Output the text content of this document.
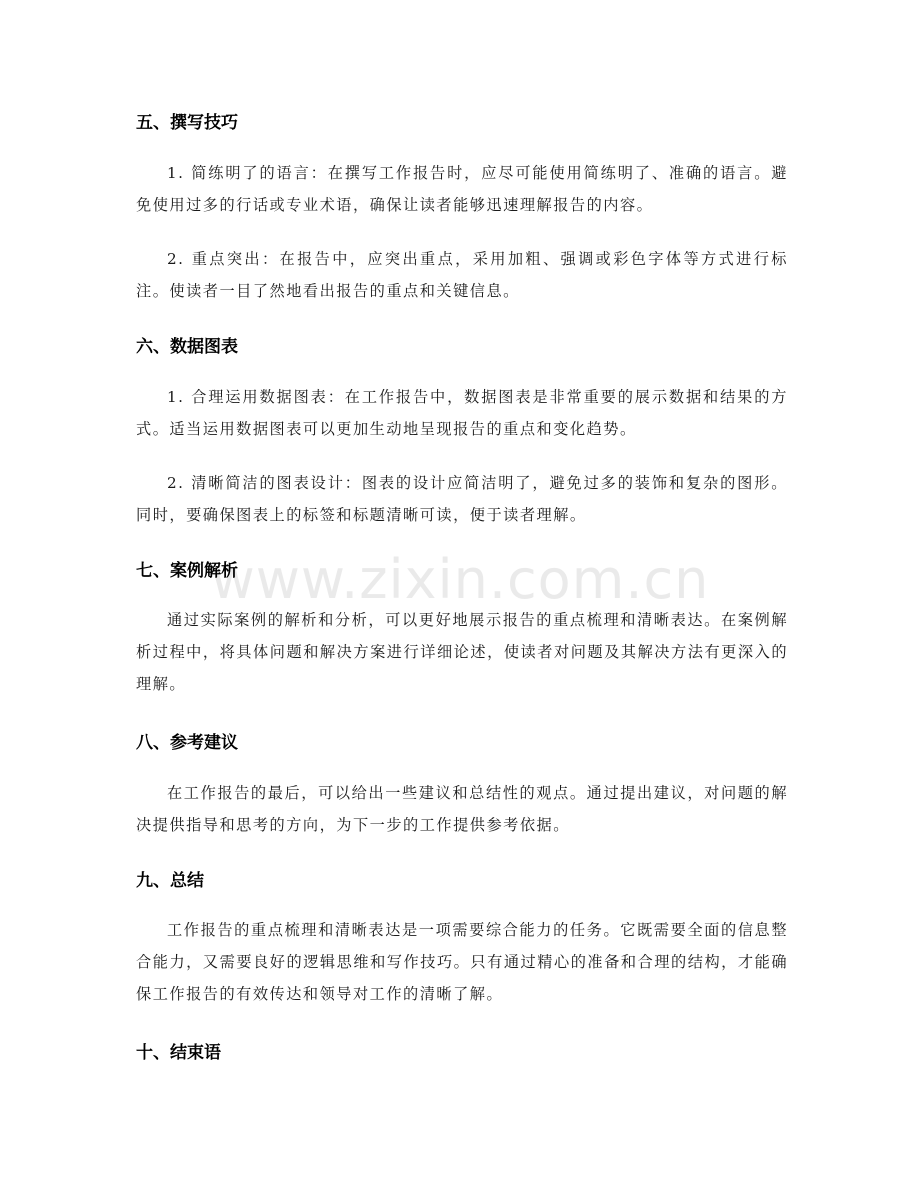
www.zixin.com.cn
五、撰写技巧

1. 简练明了的语言：在撰写工作报告时，应尽可能使用简练明了、准确的语言。避免使用过多的行话或专业术语，确保让读者能够迅速理解报告的内容。

2. 重点突出：在报告中，应突出重点，采用加粗、强调或彩色字体等方式进行标注。使读者一目了然地看出报告的重点和关键信息。

六、数据图表

1. 合理运用数据图表：在工作报告中，数据图表是非常重要的展示数据和结果的方式。适当运用数据图表可以更加生动地呈现报告的重点和变化趋势。

2. 清晰简洁的图表设计：图表的设计应简洁明了，避免过多的装饰和复杂的图形。同时，要确保图表上的标签和标题清晰可读，便于读者理解。

七、案例解析

通过实际案例的解析和分析，可以更好地展示报告的重点梳理和清晰表达。在案例解析过程中，将具体问题和解决方案进行详细论述，使读者对问题及其解决方法有更深入的理解。

八、参考建议

在工作报告的最后，可以给出一些建议和总结性的观点。通过提出建议，对问题的解决提供指导和思考的方向，为下一步的工作提供参考依据。

九、总结

工作报告的重点梳理和清晰表达是一项需要综合能力的任务。它既需要全面的信息整合能力，又需要良好的逻辑思维和写作技巧。只有通过精心的准备和合理的结构，才能确保工作报告的有效传达和领导对工作的清晰了解。

十、结束语
